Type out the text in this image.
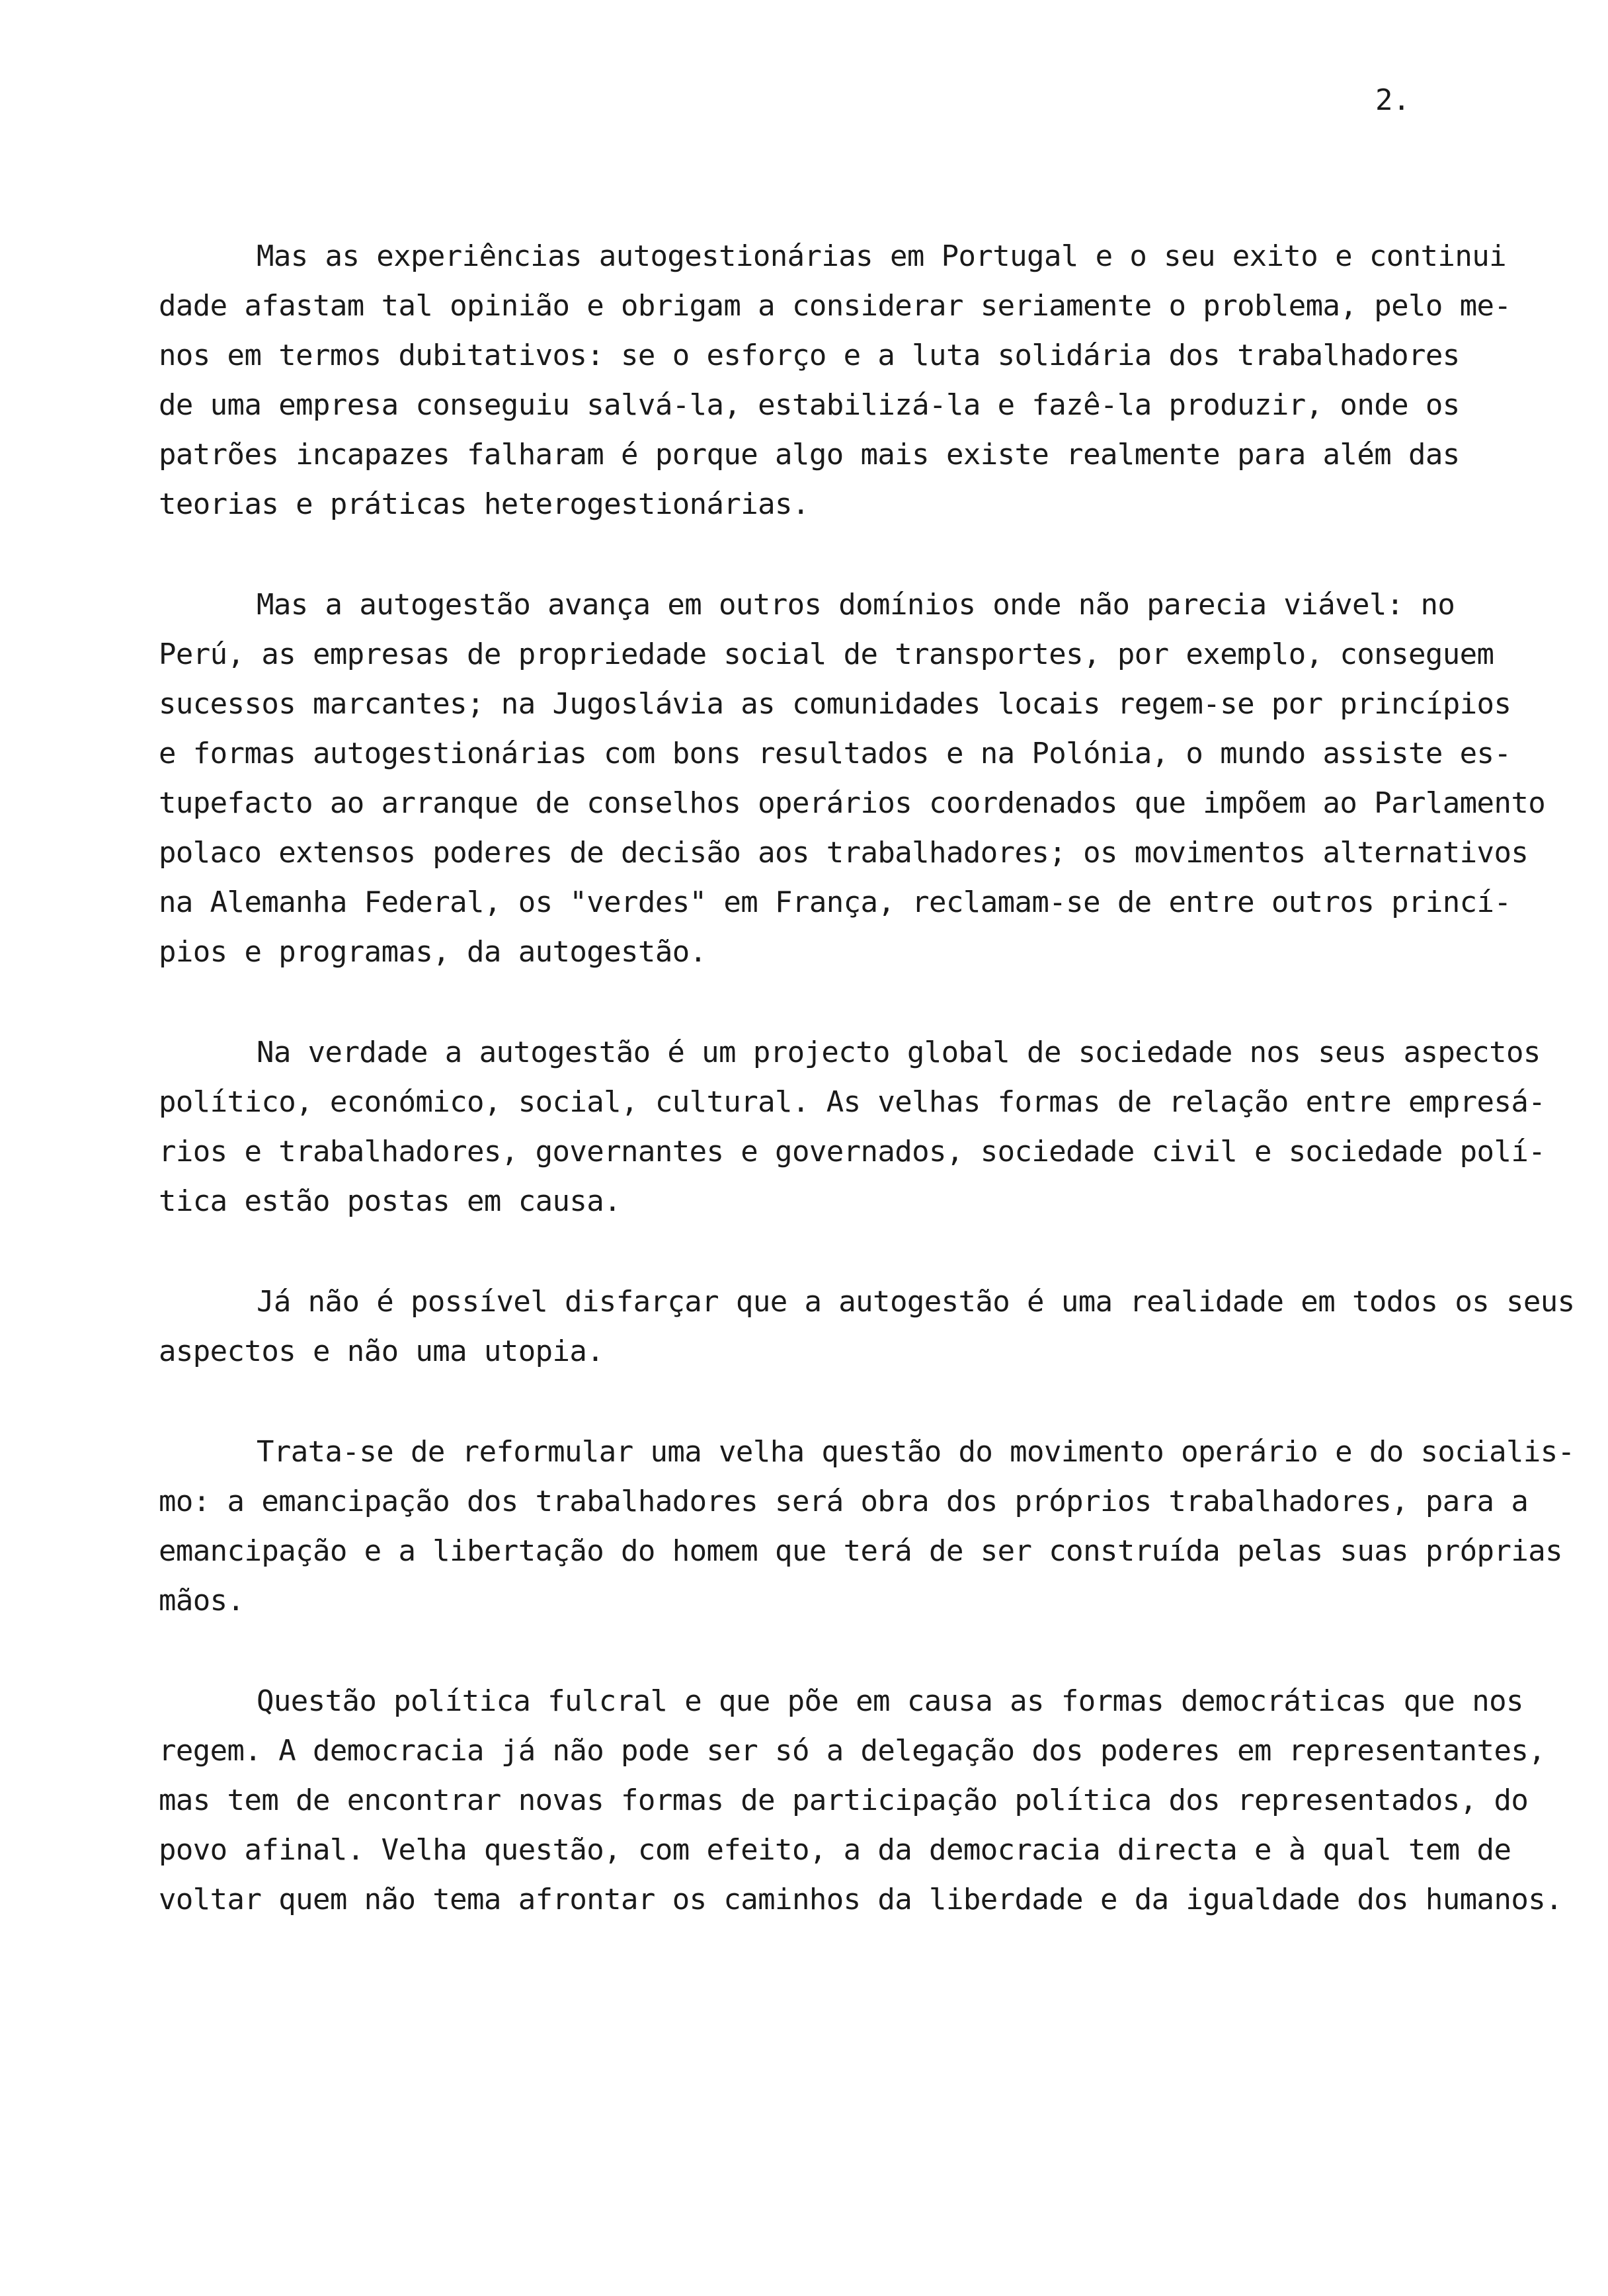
2.

Mas as experiências autogestionárias em Portugal e o seu exito e continui
dade afastam tal opinião e obrigam a considerar seriamente o problema, pelo me-
nos em termos dubitativos: se o esforço e a luta solidária dos trabalhadores
de uma empresa conseguiu salvá-la, estabilizá-la e fazê-la produzir, onde os
patrões incapazes falharam é porque algo mais existe realmente para além das
teorias e práticas heterogestionárias.
Mas a autogestão avança em outros domínios onde não parecia viável: no
Perú, as empresas de propriedade social de transportes, por exemplo, conseguem
sucessos marcantes; na Jugoslávia as comunidades locais regem-se por princípios
e formas autogestionárias com bons resultados e na Polónia, o mundo assiste es-
tupefacto ao arranque de conselhos operários coordenados que impõem ao Parlamento
polaco extensos poderes de decisão aos trabalhadores; os movimentos alternativos
na Alemanha Federal, os "verdes" em França, reclamam-se de entre outros princí-
pios e programas, da autogestão.
Na verdade a autogestão é um projecto global de sociedade nos seus aspectos
político, económico, social, cultural. As velhas formas de relação entre empresá-
rios e trabalhadores, governantes e governados, sociedade civil e sociedade polí-
tica estão postas em causa.
Já não é possível disfarçar que a autogestão é uma realidade em todos os seus
aspectos e não uma utopia.
Trata-se de reformular uma velha questão do movimento operário e do socialis-
mo: a emancipação dos trabalhadores será obra dos próprios trabalhadores, para a
emancipação e a libertação do homem que terá de ser construída pelas suas próprias
mãos.
Questão política fulcral e que põe em causa as formas democráticas que nos
regem. A democracia já não pode ser só a delegação dos poderes em representantes,
mas tem de encontrar novas formas de participação política dos representados, do
povo afinal. Velha questão, com efeito, a da democracia directa e à qual tem de
voltar quem não tema afrontar os caminhos da liberdade e da igualdade dos humanos.
